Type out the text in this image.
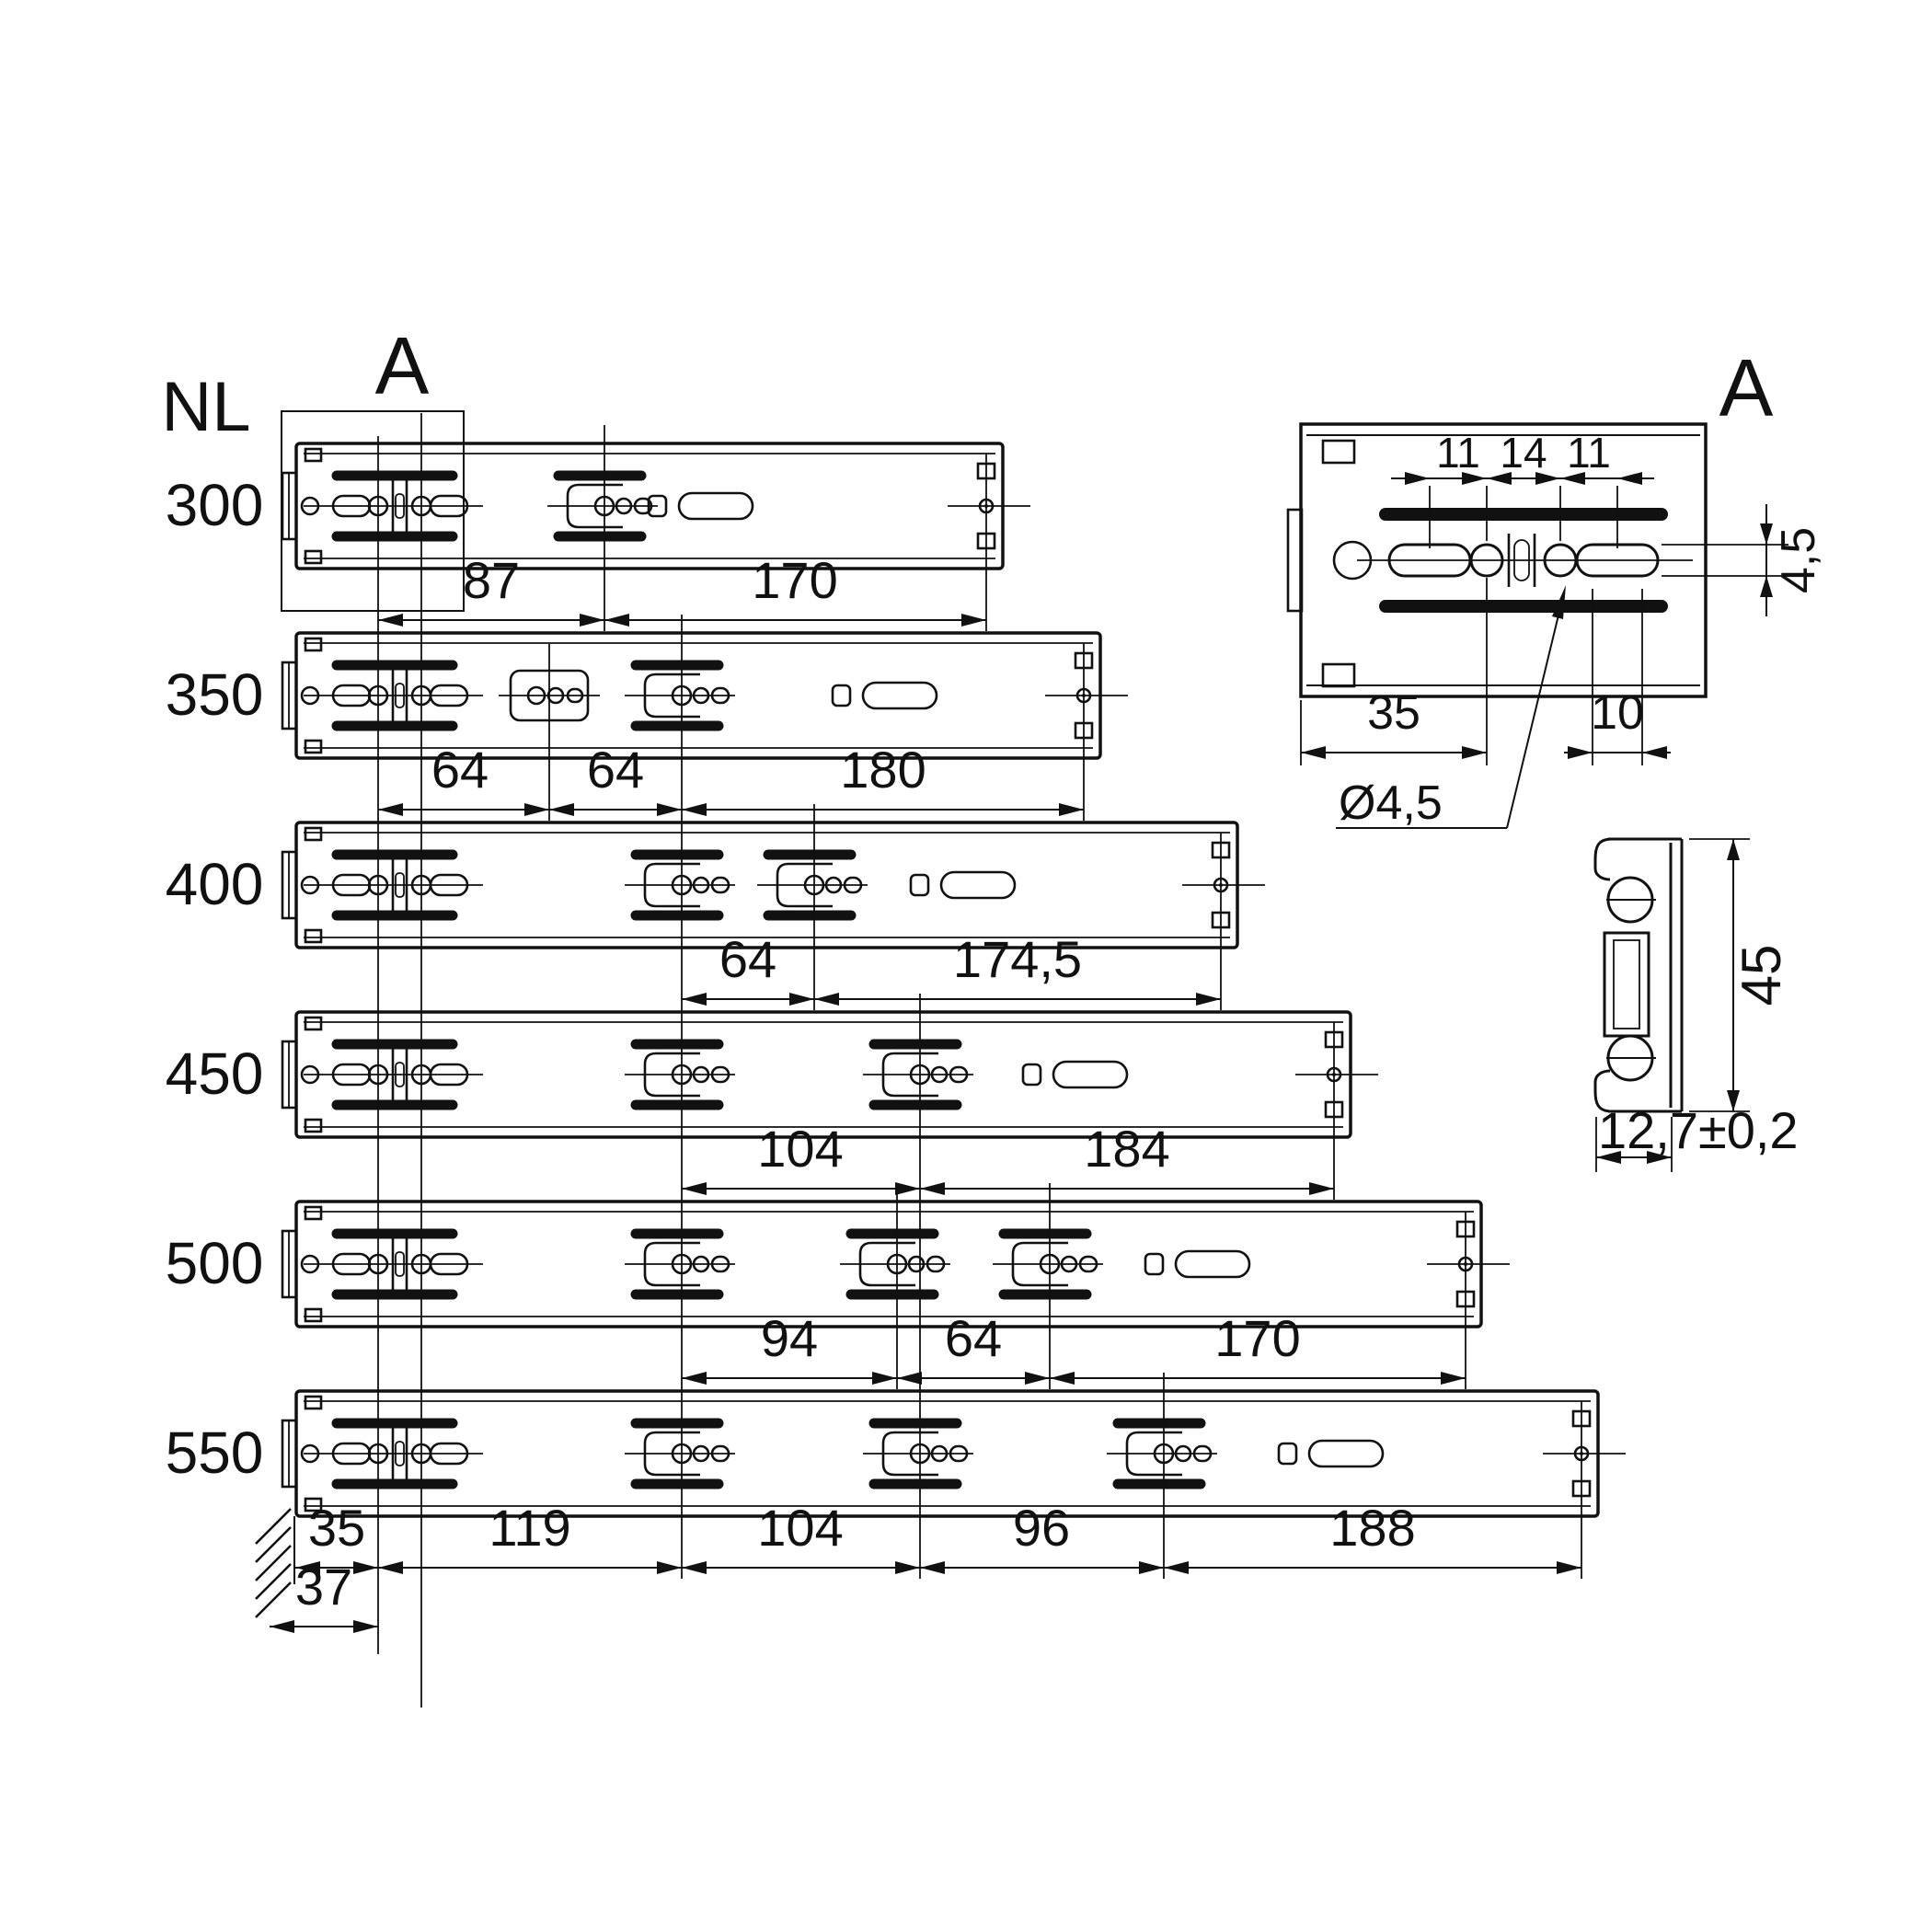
NL A	A
300
350
400
450
500
550
87	170
64 64	180
64	174,5
104	184
94 64	170
35 119	104	96	188
37
11 14 11
4,5
35	10
Ø4,5
45
12,7±0,2
